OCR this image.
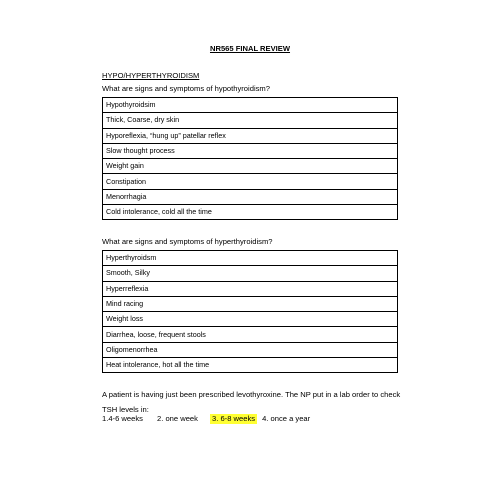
NR565 FINAL REVIEW
HYPO/HYPERTHYROIDISM
What are signs and symptoms of hypothyroidism?
Hypothyroidsim
Thick, Coarse, dry skin
Hyporeflexia, “hung up” patellar reflex
Slow thought process
Weight gain
Constipation
Menorrhagia
Cold intolerance, cold all the time
What are signs and symptoms of hyperthyroidism?
Hyperthyroidsm
Smooth, Silky
Hyperreflexia
Mind racing
Weight loss
Diarrhea, loose, frequent stools
Oligomenorrhea
Heat intolerance, hot all the time
A patient is having just been prescribed levothyroxine. The NP put in a lab order to check TSH levels in:
1.4-6 weeks 2. one week 3. 6-8 weeks 4. once a year
